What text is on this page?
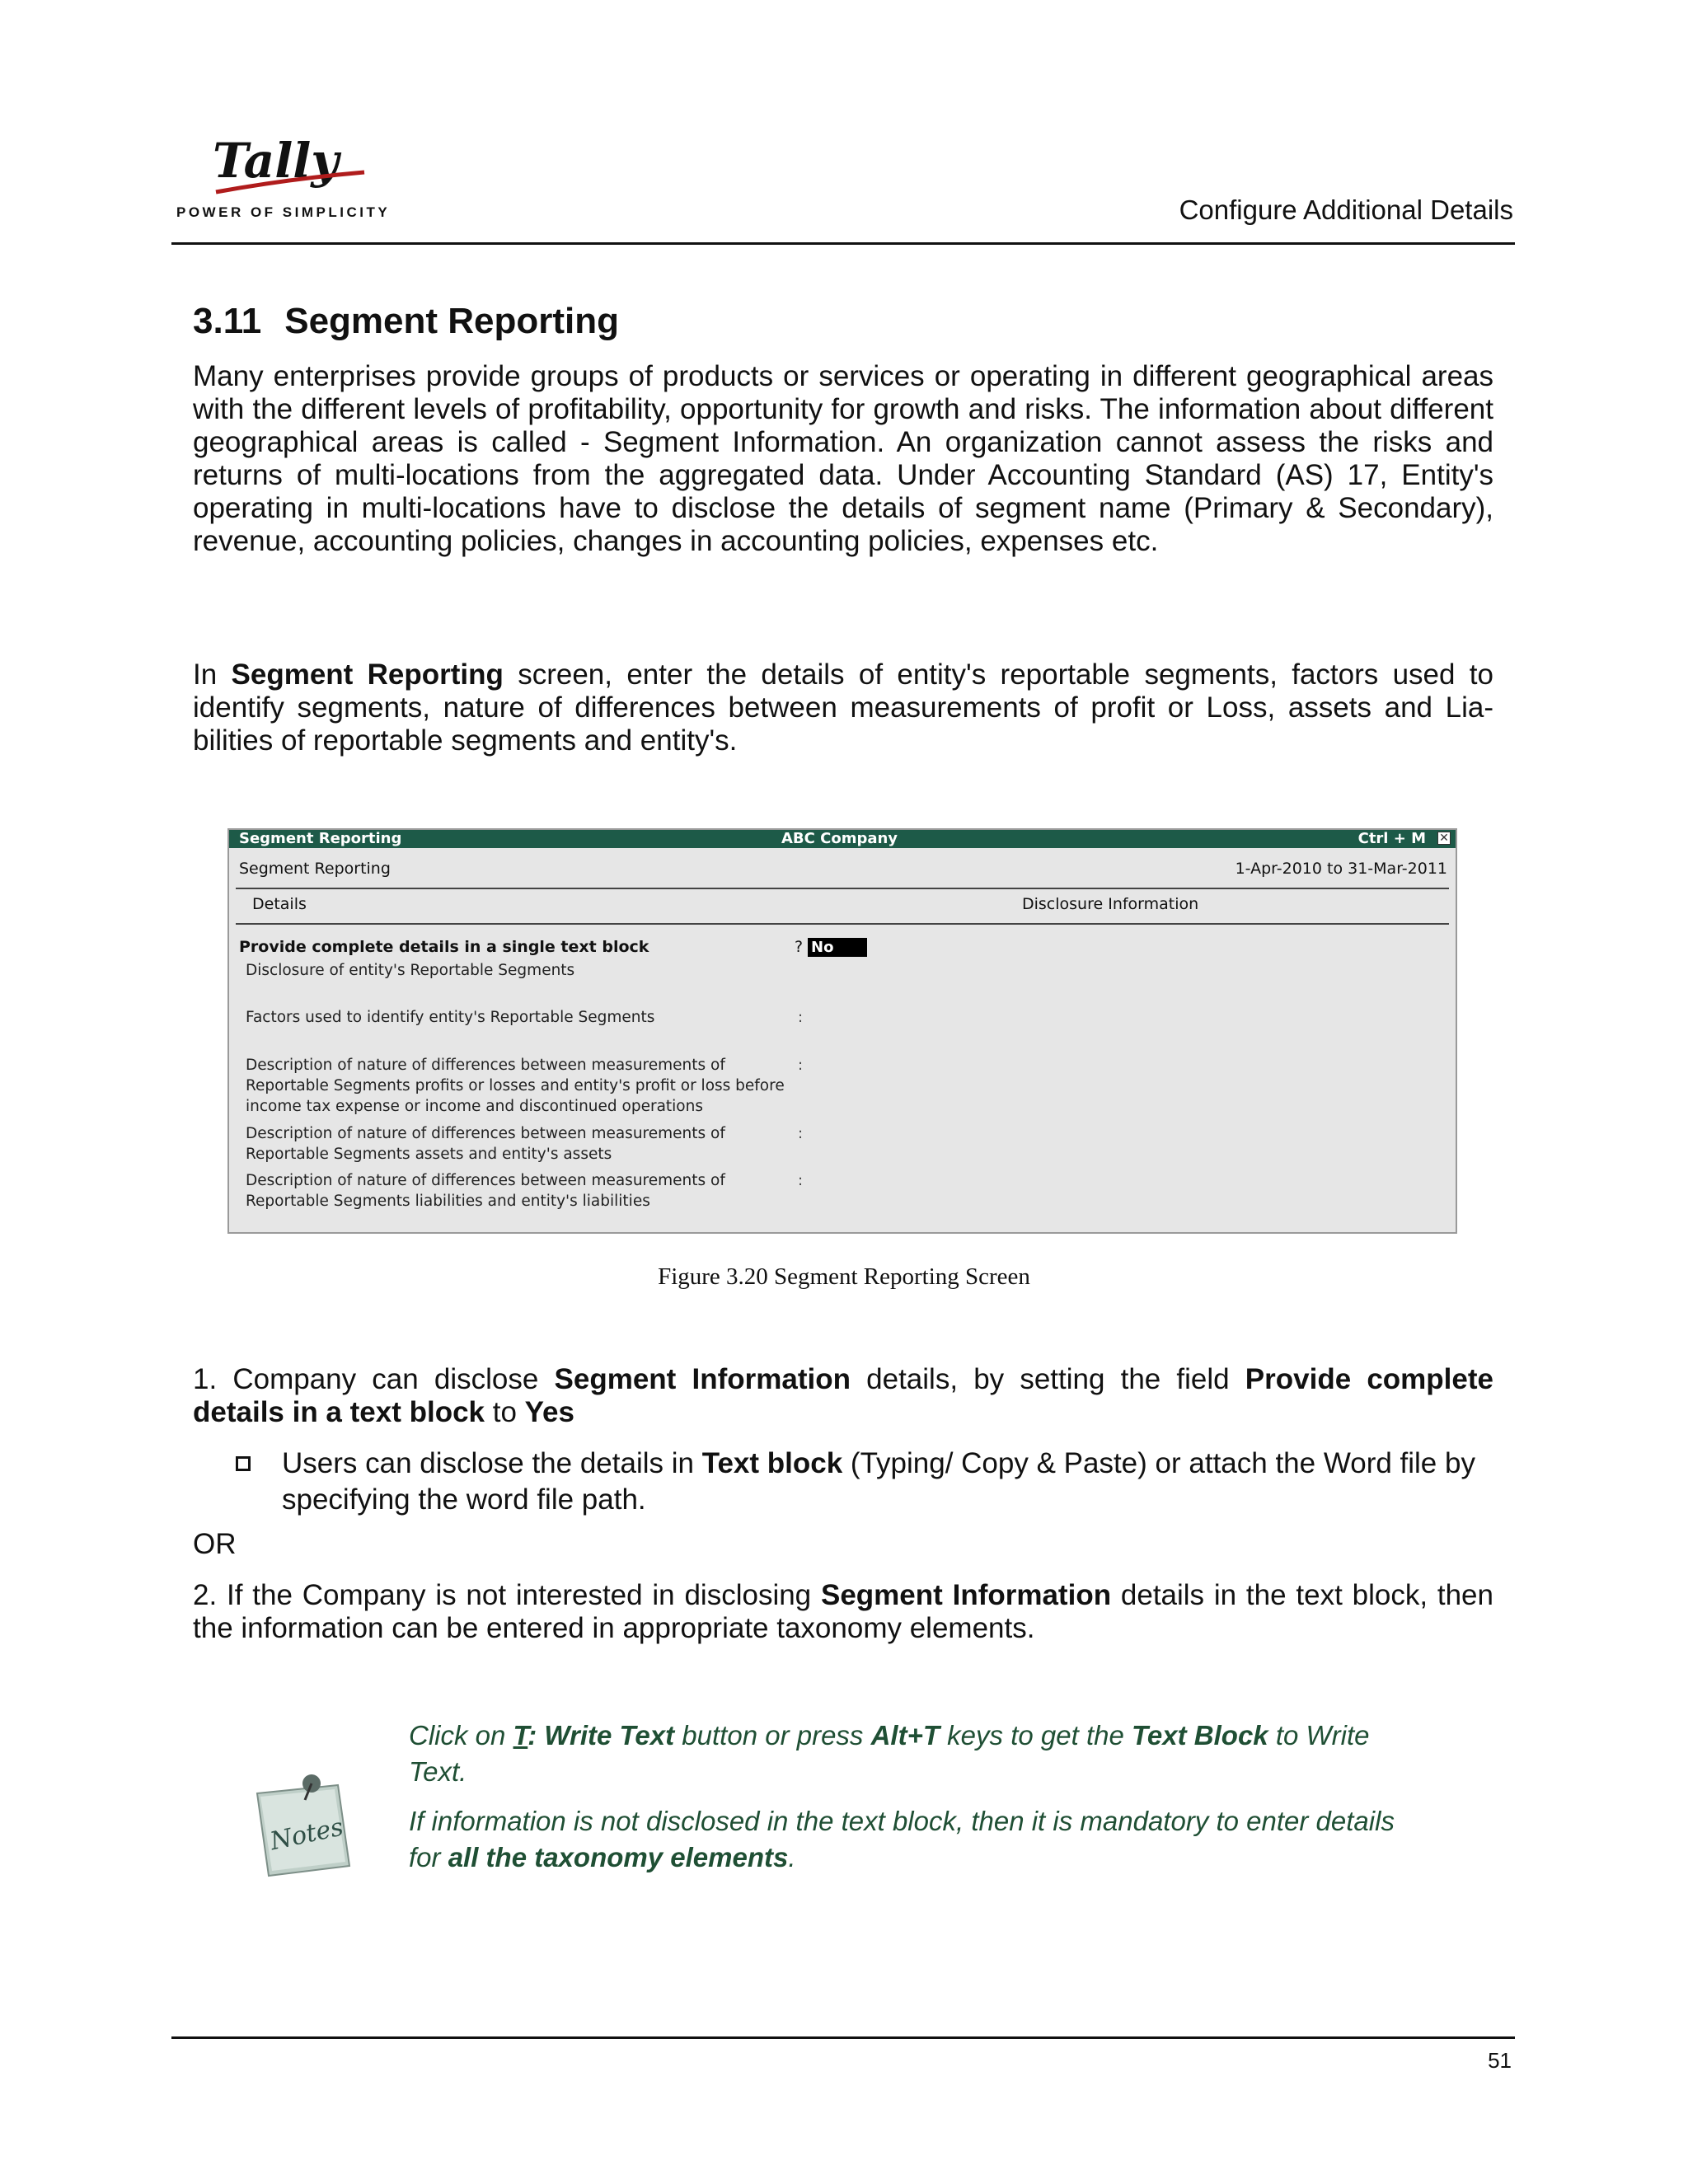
Tally
POWER OF SIMPLICITY	Configure Additional Details
3.11 Segment Reporting

Many enterprises provide groups of products or services or operating in different geographical areas with the different levels of profitability, opportunity for growth and risks. The information about different geographical areas is called - Segment Information. An organization cannot assess the risks and returns of multi-locations from the aggregated data. Under Accounting Standard (AS) 17, Entity's operating in multi-locations have to disclose the details of segment name (Primary & Secondary), revenue, accounting policies, changes in accounting policies, expenses etc.

In Segment Reporting screen, enter the details of entity's reportable segments, factors used to identify segments, nature of differences between measurements of profit or Loss, assets and Lia-bilities of reportable segments and entity's.

Segment Reporting	ABC Company	Ctrl + M ✕
Segment Reporting	1-Apr-2010 to 31-Mar-2011
Details	Disclosure Information
Provide complete details in a single text block	? No
Disclosure of entity's Reportable Segments
Factors used to identify entity's Reportable Segments	:
Description of nature of differences between measurements of
Reportable Segments profits or losses and entity's profit or loss before
income tax expense or income and discontinued operations
:
Description of nature of differences between measurements of
Reportable Segments assets and entity's assets
:
Description of nature of differences between measurements of
Reportable Segments liabilities and entity's liabilities
:
Figure 3.20 Segment Reporting Screen

1. Company can disclose Segment Information details, by setting the field Provide complete details in a text block to Yes

Users can disclose the details in Text block (Typing/ Copy & Paste) or attach the Word file by specifying the word file path.

OR

2. If the Company is not interested in disclosing Segment Information details in the text block, then the information can be entered in appropriate taxonomy elements.

Notes

Click on T: Write Text button or press Alt+T keys to get the Text Block to Write Text.

If information is not disclosed in the text block, then it is mandatory to enter details for all the taxonomy elements.

51
